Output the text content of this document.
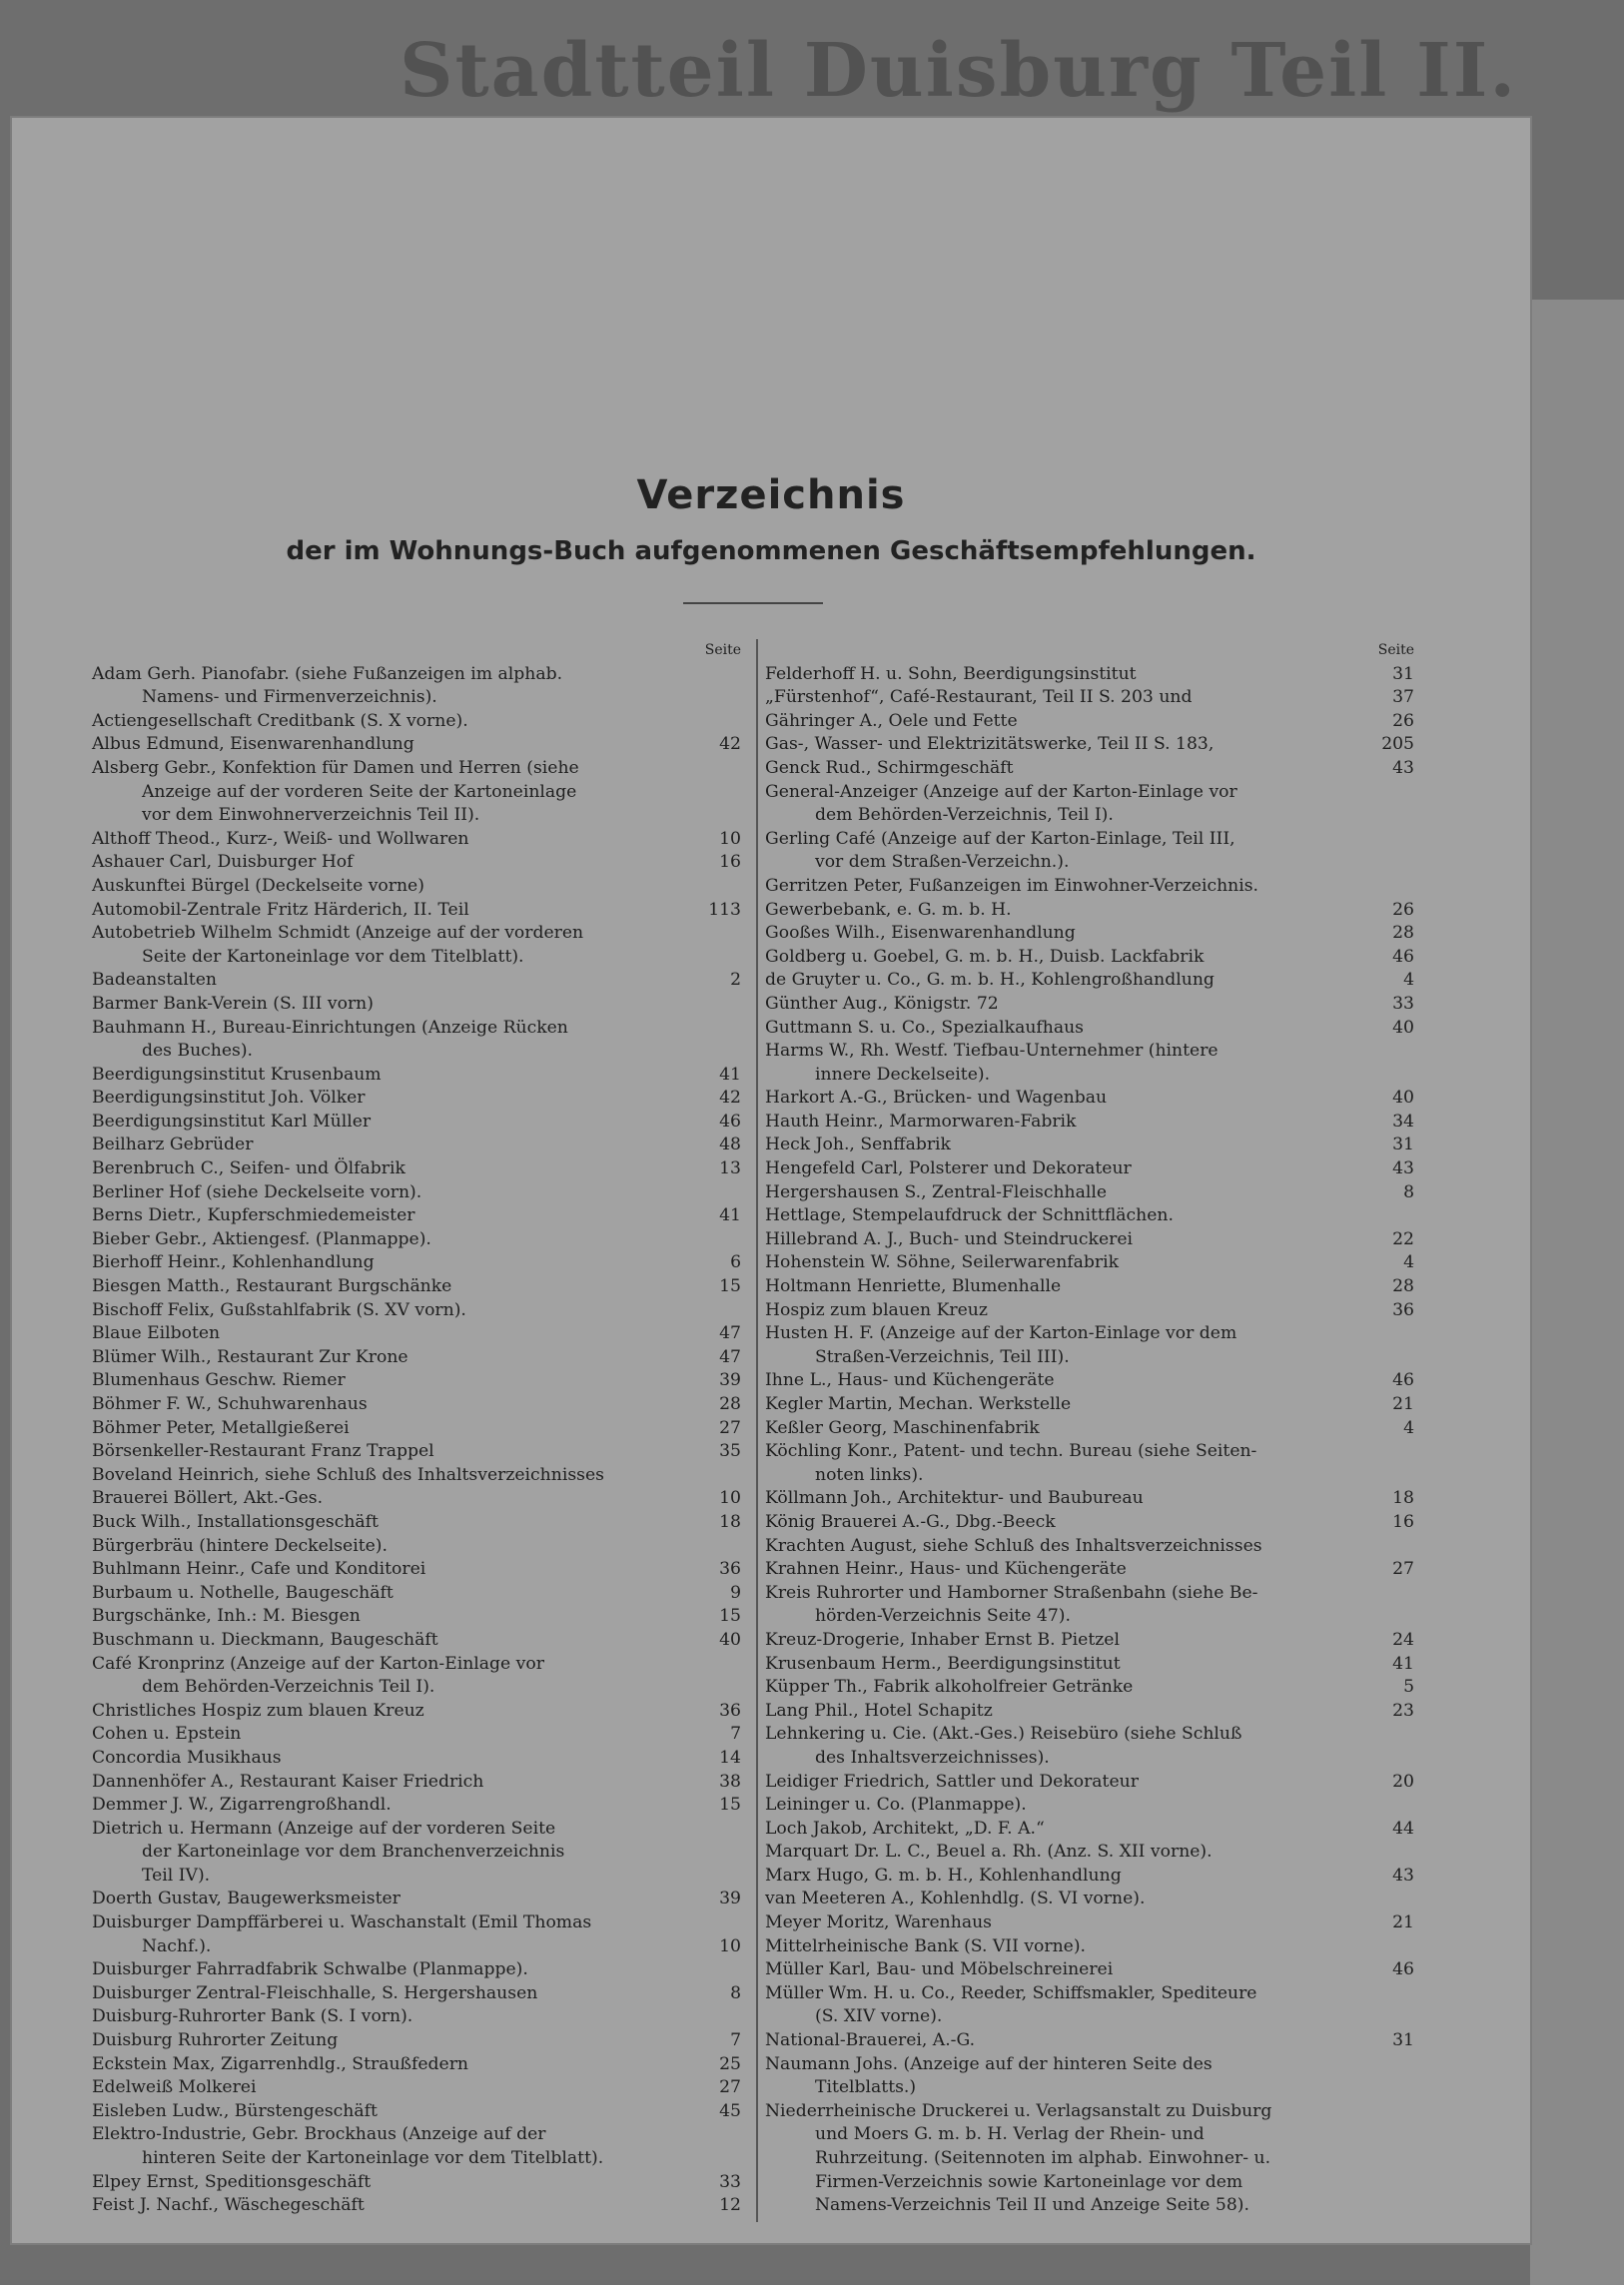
Stadtteil Duisburg Teil II.
Verzeichnis
der im Wohnungs-Buch aufgenommenen Geschäftsempfehlungen.
Seite
Adam Gerh. Pianofabr. (siehe Fußanzeigen im alphab.
Namens- und Firmenverzeichnis).
Actiengesellschaft Creditbank (S. X vorne).
Albus Edmund, Eisenwarenhandlung	42
Alsberg Gebr., Konfektion für Damen und Herren (siehe
Anzeige auf der vorderen Seite der Kartoneinlage
vor dem Einwohnerverzeichnis Teil II).
Althoff Theod., Kurz-, Weiß- und Wollwaren	10
Ashauer Carl, Duisburger Hof	16
Auskunftei Bürgel (Deckelseite vorne)
Automobil-Zentrale Fritz Härderich, II. Teil	113
Autobetrieb Wilhelm Schmidt (Anzeige auf der vorderen
Seite der Kartoneinlage vor dem Titelblatt).
Badeanstalten	2
Barmer Bank-Verein (S. III vorn)
Bauhmann H., Bureau-Einrichtungen (Anzeige Rücken
des Buches).
Beerdigungsinstitut Krusenbaum	41
Beerdigungsinstitut Joh. Völker	42
Beerdigungsinstitut Karl Müller	46
Beilharz Gebrüder	48
Berenbruch C., Seifen- und Ölfabrik	13
Berliner Hof (siehe Deckelseite vorn).
Berns Dietr., Kupferschmiedemeister	41
Bieber Gebr., Aktiengesf. (Planmappe).
Bierhoff Heinr., Kohlenhandlung	6
Biesgen Matth., Restaurant Burgschänke	15
Bischoff Felix, Gußstahlfabrik (S. XV vorn).
Blaue Eilboten	47
Blümer Wilh., Restaurant Zur Krone	47
Blumenhaus Geschw. Riemer	39
Böhmer F. W., Schuhwarenhaus	28
Böhmer Peter, Metallgießerei	27
Börsenkeller-Restaurant Franz Trappel	35
Boveland Heinrich, siehe Schluß des Inhaltsverzeichnisses
Brauerei Böllert, Akt.-Ges.	10
Buck Wilh., Installationsgeschäft	18
Bürgerbräu (hintere Deckelseite).
Buhlmann Heinr., Cafe und Konditorei	36
Burbaum u. Nothelle, Baugeschäft	9
Burgschänke, Inh.: M. Biesgen	15
Buschmann u. Dieckmann, Baugeschäft	40
Café Kronprinz (Anzeige auf der Karton-Einlage vor
dem Behörden-Verzeichnis Teil I).
Christliches Hospiz zum blauen Kreuz	36
Cohen u. Epstein	7
Concordia Musikhaus	14
Dannenhöfer A., Restaurant Kaiser Friedrich	38
Demmer J. W., Zigarrengroßhandl.	15
Dietrich u. Hermann (Anzeige auf der vorderen Seite
der Kartoneinlage vor dem Branchenverzeichnis
Teil IV).
Doerth Gustav, Baugewerksmeister	39
Duisburger Dampffärberei u. Waschanstalt (Emil Thomas
Nachf.).	10
Duisburger Fahrradfabrik Schwalbe (Planmappe).
Duisburger Zentral-Fleischhalle, S. Hergershausen	8
Duisburg-Ruhrorter Bank (S. I vorn).
Duisburg Ruhrorter Zeitung	7
Eckstein Max, Zigarrenhdlg., Straußfedern	25
Edelweiß Molkerei	27
Eisleben Ludw., Bürstengeschäft	45
Elektro-Industrie, Gebr. Brockhaus (Anzeige auf der
hinteren Seite der Kartoneinlage vor dem Titelblatt).
Elpey Ernst, Speditionsgeschäft	33
Feist J. Nachf., Wäschegeschäft	12
Seite
Felderhoff H. u. Sohn, Beerdigungsinstitut	31
„Fürstenhof“, Café-Restaurant, Teil II S. 203 und	37
Gähringer A., Oele und Fette	26
Gas-, Wasser- und Elektrizitätswerke, Teil II S. 183,	205
Genck Rud., Schirmgeschäft	43
General-Anzeiger (Anzeige auf der Karton-Einlage vor
dem Behörden-Verzeichnis, Teil I).
Gerling Café (Anzeige auf der Karton-Einlage, Teil III,
vor dem Straßen-Verzeichn.).
Gerritzen Peter, Fußanzeigen im Einwohner-Verzeichnis.
Gewerbebank, e. G. m. b. H.	26
Gooßes Wilh., Eisenwarenhandlung	28
Goldberg u. Goebel, G. m. b. H., Duisb. Lackfabrik	46
de Gruyter u. Co., G. m. b. H., Kohlengroßhandlung	4
Günther Aug., Königstr. 72	33
Guttmann S. u. Co., Spezialkaufhaus	40
Harms W., Rh. Westf. Tiefbau-Unternehmer (hintere
innere Deckelseite).
Harkort A.-G., Brücken- und Wagenbau	40
Hauth Heinr., Marmorwaren-Fabrik	34
Heck Joh., Senffabrik	31
Hengefeld Carl, Polsterer und Dekorateur	43
Hergershausen S., Zentral-Fleischhalle	8
Hettlage, Stempelaufdruck der Schnittflächen.
Hillebrand A. J., Buch- und Steindruckerei	22
Hohenstein W. Söhne, Seilerwarenfabrik	4
Holtmann Henriette, Blumenhalle	28
Hospiz zum blauen Kreuz	36
Husten H. F. (Anzeige auf der Karton-Einlage vor dem
Straßen-Verzeichnis, Teil III).
Ihne L., Haus- und Küchengeräte	46
Kegler Martin, Mechan. Werkstelle	21
Keßler Georg, Maschinenfabrik	4
Köchling Konr., Patent- und techn. Bureau (siehe Seiten-
noten links).
Köllmann Joh., Architektur- und Baubureau	18
König Brauerei A.-G., Dbg.-Beeck	16
Krachten August, siehe Schluß des Inhaltsverzeichnisses
Krahnen Heinr., Haus- und Küchengeräte	27
Kreis Ruhrorter und Hamborner Straßenbahn (siehe Be-
hörden-Verzeichnis Seite 47).
Kreuz-Drogerie, Inhaber Ernst B. Pietzel	24
Krusenbaum Herm., Beerdigungsinstitut	41
Küpper Th., Fabrik alkoholfreier Getränke	5
Lang Phil., Hotel Schapitz	23
Lehnkering u. Cie. (Akt.-Ges.) Reisebüro (siehe Schluß
des Inhaltsverzeichnisses).
Leidiger Friedrich, Sattler und Dekorateur	20
Leininger u. Co. (Planmappe).
Loch Jakob, Architekt, „D. F. A.“	44
Marquart Dr. L. C., Beuel a. Rh. (Anz. S. XII vorne).
Marx Hugo, G. m. b. H., Kohlenhandlung	43
van Meeteren A., Kohlenhdlg. (S. VI vorne).
Meyer Moritz, Warenhaus	21
Mittelrheinische Bank (S. VII vorne).
Müller Karl, Bau- und Möbelschreinerei	46
Müller Wm. H. u. Co., Reeder, Schiffsmakler, Spediteure
(S. XIV vorne).
National-Brauerei, A.-G.	31
Naumann Johs. (Anzeige auf der hinteren Seite des
Titelblatts.)
Niederrheinische Druckerei u. Verlagsanstalt zu Duisburg
und Moers G. m. b. H. Verlag der Rhein- und
Ruhrzeitung. (Seitennoten im alphab. Einwohner- u.
Firmen-Verzeichnis sowie Kartoneinlage vor dem
Namens-Verzeichnis Teil II und Anzeige Seite 58).
